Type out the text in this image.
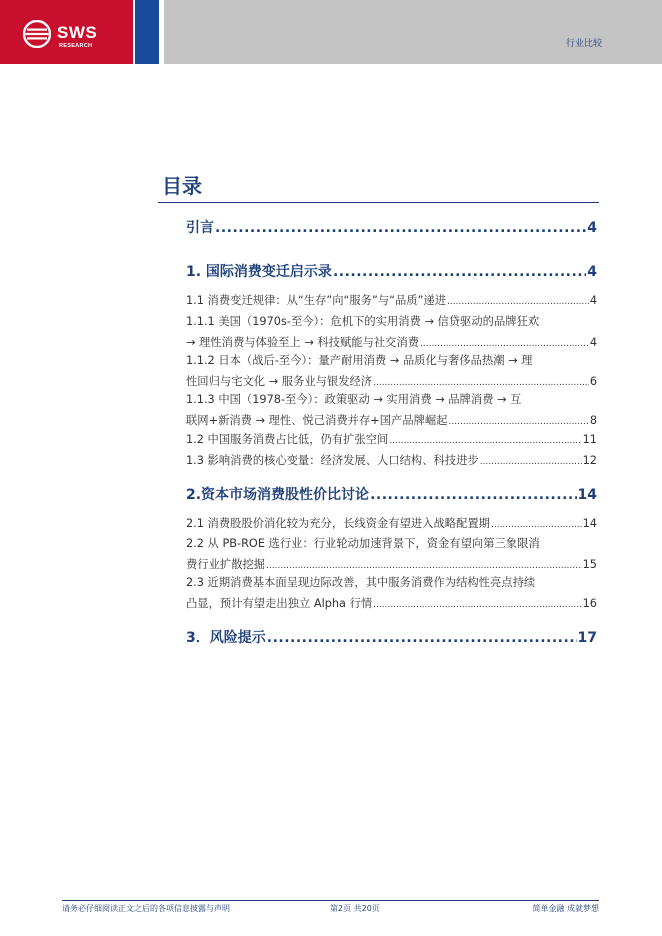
SWS
RESEARCH	行业比较
目录
引言 .....	4
1. 国际消费变迁启示录 .....	4
1.1 消费变迁规律：从“生存”向“服务”与“品质”递进 .....	4
1.1.1 美国（1970s-至今）：危机下的实用消费 → 信贷驱动的品牌狂欢
→ 理性消费与体验至上 → 科技赋能与社交消费 .....	4
1.1.2 日本（战后-至今）：量产耐用消费 → 品质化与奢侈品热潮 → 理
性回归与宅文化 → 服务业与银发经济 .....	6
1.1.3 中国（1978-至今）：政策驱动 → 实用消费 → 品牌消费 → 互
联网+新消费 → 理性、悦己消费并存+国产品牌崛起 .....	8
1.2 中国服务消费占比低，仍有扩张空间 .....	11
1.3 影响消费的核心变量：经济发展、人口结构、科技进步 .....	12
2.资本市场消费股性价比讨论 .....	14
2.1 消费股股价消化较为充分，长线资金有望进入战略配置期 .....	14
2.2 从 PB-ROE 选行业：行业轮动加速背景下，资金有望向第三象限消
费行业扩散挖掘 .....	15
2.3 近期消费基本面呈现边际改善，其中服务消费作为结构性亮点持续
凸显，预计有望走出独立 Alpha 行情 .....	16
3．风险提示 .....	17
请务必仔细阅读正文之后的各项信息披露与声明	第2页 共20页	简单金融 成就梦想
